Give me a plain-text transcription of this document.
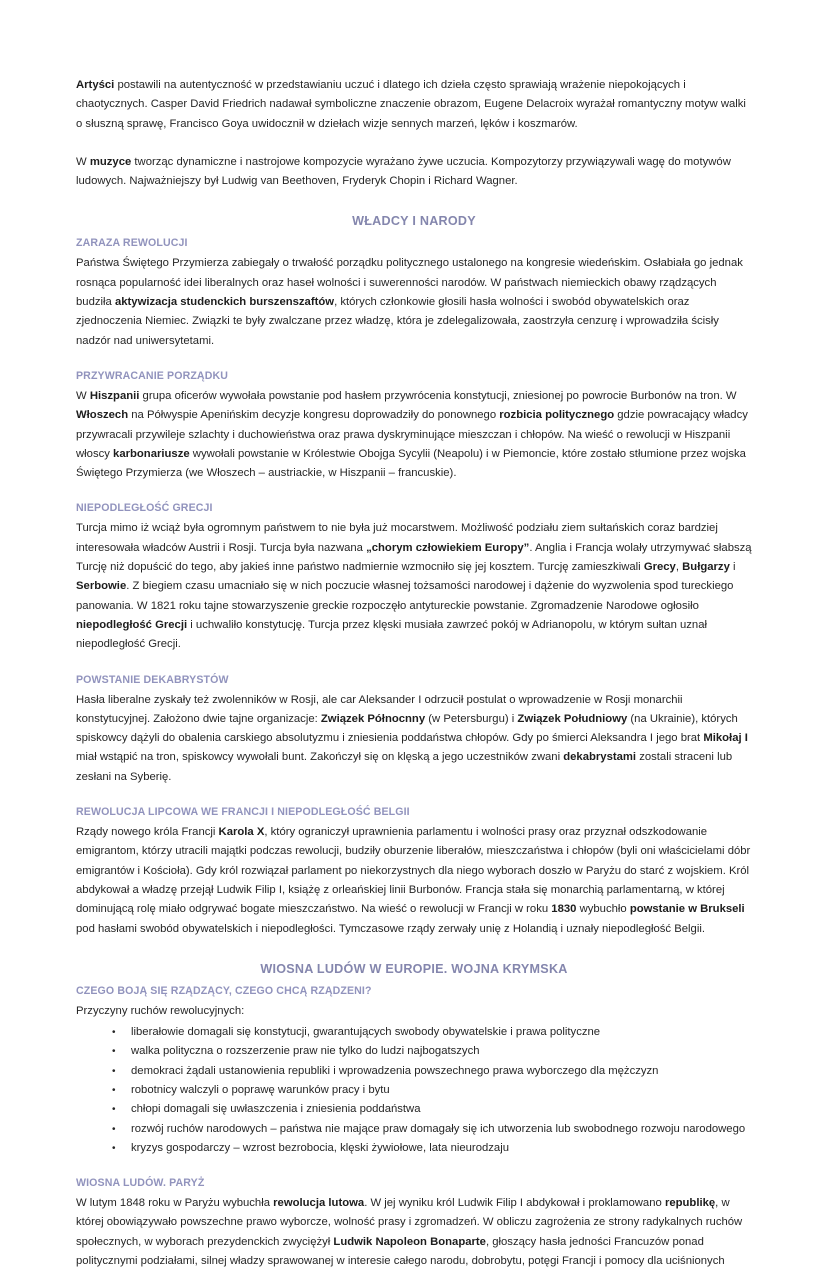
Artyści postawili na autentyczność w przedstawianiu uczuć i dlatego ich dzieła często sprawiają wrażenie niepokojących i chaotycznych. Casper David Friedrich nadawał symboliczne znaczenie obrazom, Eugene Delacroix wyrażał romantyczny motyw walki o słuszną sprawę, Francisco Goya uwidocznił w dziełach wizje sennych marzeń, lęków i koszmarów.

W muzyce tworząc dynamiczne i nastrojowe kompozycie wyrażano żywe uczucia. Kompozytorzy przywiązywali wagę do motywów ludowych. Najważniejszy był Ludwig van Beethoven, Fryderyk Chopin i Richard Wagner.

WŁADCY I NARODY
ZARAZA REWOLUCJI

Państwa Świętego Przymierza zabiegały o trwałość porządku politycznego ustalonego na kongresie wiedeńskim. Osłabiała go jednak rosnąca popularność idei liberalnych oraz haseł wolności i suwerenności narodów. W państwach niemieckich obawy rządzących budziła aktywizacja studenckich burszenszaftów, których członkowie głosili hasła wolności i swobód obywatelskich oraz zjednoczenia Niemiec. Związki te były zwalczane przez władzę, która je zdelegalizowała, zaostrzyła cenzurę i wprowadziła ścisły nadzór nad uniwersytetami.

PRZYWRACANIE PORZĄDKU

W Hiszpanii grupa oficerów wywołała powstanie pod hasłem przywrócenia konstytucji, zniesionej po powrocie Burbonów na tron. W Włoszech na Półwyspie Apenińskim decyzje kongresu doprowadziły do ponownego rozbicia politycznego gdzie powracający władcy przywracali przywileje szlachty i duchowieństwa oraz prawa dyskryminujące mieszczan i chłopów. Na wieść o rewolucji w Hiszpanii włoscy karbonariusze wywołali powstanie w Królestwie Obojga Sycylii (Neapolu) i w Piemoncie, które zostało stłumione przez wojska Świętego Przymierza (we Włoszech – austriackie, w Hiszpanii – francuskie).

NIEPODLEGŁOŚĆ GRECJI

Turcja mimo iż wciąż była ogromnym państwem to nie była już mocarstwem. Możliwość podziału ziem sułtańskich coraz bardziej interesowała władców Austrii i Rosji. Turcja była nazwana „chorym człowiekiem Europy”. Anglia i Francja wolały utrzymywać słabszą Turcję niż dopuścić do tego, aby jakieś inne państwo nadmiernie wzmocniło się jej kosztem. Turcję zamieszkiwali Grecy, Bułgarzy i Serbowie. Z biegiem czasu umacniało się w nich poczucie własnej tożsamości narodowej i dążenie do wyzwolenia spod tureckiego panowania. W 1821 roku tajne stowarzyszenie greckie rozpoczęło antytureckie powstanie. Zgromadzenie Narodowe ogłosiło niepodległość Grecji i uchwaliło konstytucję. Turcja przez klęski musiała zawrzeć pokój w Adrianopolu, w którym sułtan uznał niepodległość Grecji.

POWSTANIE DEKABRYSTÓW

Hasła liberalne zyskały też zwolenników w Rosji, ale car Aleksander I odrzucił postulat o wprowadzenie w Rosji monarchii konstytucyjnej. Założono dwie tajne organizacje: Związek Północnny (w Petersburgu) i Związek Południowy (na Ukrainie), których spiskowcy dążyli do obalenia carskiego absolutyzmu i zniesienia poddaństwa chłopów. Gdy po śmierci Aleksandra I jego brat Mikołaj I miał wstąpić na tron, spiskowcy wywołali bunt. Zakończył się on klęską a jego uczestników zwani dekabrystami zostali straceni lub zesłani na Syberię.

REWOLUCJA LIPCOWA WE FRANCJI I NIEPODLEGŁOŚĆ BELGII

Rządy nowego króla Francji Karola X, który ograniczył uprawnienia parlamentu i wolności prasy oraz przyznał odszkodowanie emigrantom, którzy utracili majątki podczas rewolucji, budziły oburzenie liberałów, mieszczaństwa i chłopów (byli oni właścicielami dóbr emigrantów i Kościoła). Gdy król rozwiązał parlament po niekorzystnych dla niego wyborach doszło w Paryżu do starć z wojskiem. Król abdykował a władzę przejął Ludwik Filip I, książę z orleańskiej linii Burbonów. Francja stała się monarchią parlamentarną, w której dominującą rolę miało odgrywać bogate mieszczaństwo. Na wieść o rewolucji w Francji w roku 1830 wybuchło powstanie w Brukseli pod hasłami swobód obywatelskich i niepodległości. Tymczasowe rządy zerwały unię z Holandią i uznały niepodległość Belgii.

WIOSNA LUDÓW W EUROPIE. WOJNA KRYMSKA
CZEGO BOJĄ SIĘ RZĄDZĄCY, CZEGO CHCĄ RZĄDZENI?

Przyczyny ruchów rewolucyjnych:

• liberałowie domagali się konstytucji, gwarantujących swobody obywatelskie i prawa polityczne
• walka polityczna o rozszerzenie praw nie tylko do ludzi najbogatszych
• demokraci żądali ustanowienia republiki i wprowadzenia powszechnego prawa wyborczego dla mężczyzn
• robotnicy walczyli o poprawę warunków pracy i bytu
• chłopi domagali się uwłaszczenia i zniesienia poddaństwa
• rozwój ruchów narodowych – państwa nie mające praw domagały się ich utworzenia lub swobodnego rozwoju narodowego
• kryzys gospodarczy – wzrost bezrobocia, klęski żywiołowe, lata nieurodzaju
WIOSNA LUDÓW. PARYŻ

W lutym 1848 roku w Paryżu wybuchła rewolucja lutowa. W jej wyniku król Ludwik Filip I abdykował i proklamowano republikę, w której obowiązywało powszechne prawo wyborcze, wolność prasy i zgromadzeń. W obliczu zagrożenia ze strony radykalnych ruchów społecznych, w wyborach prezydenckich zwyciężył Ludwik Napoleon Bonaparte, głoszący hasła jedności Francuzów ponad politycznymi podziałami, silnej władzy sprawowanej w interesie całego narodu, dobrobytu, potęgi Francji i pomocy dla uciśnionych
